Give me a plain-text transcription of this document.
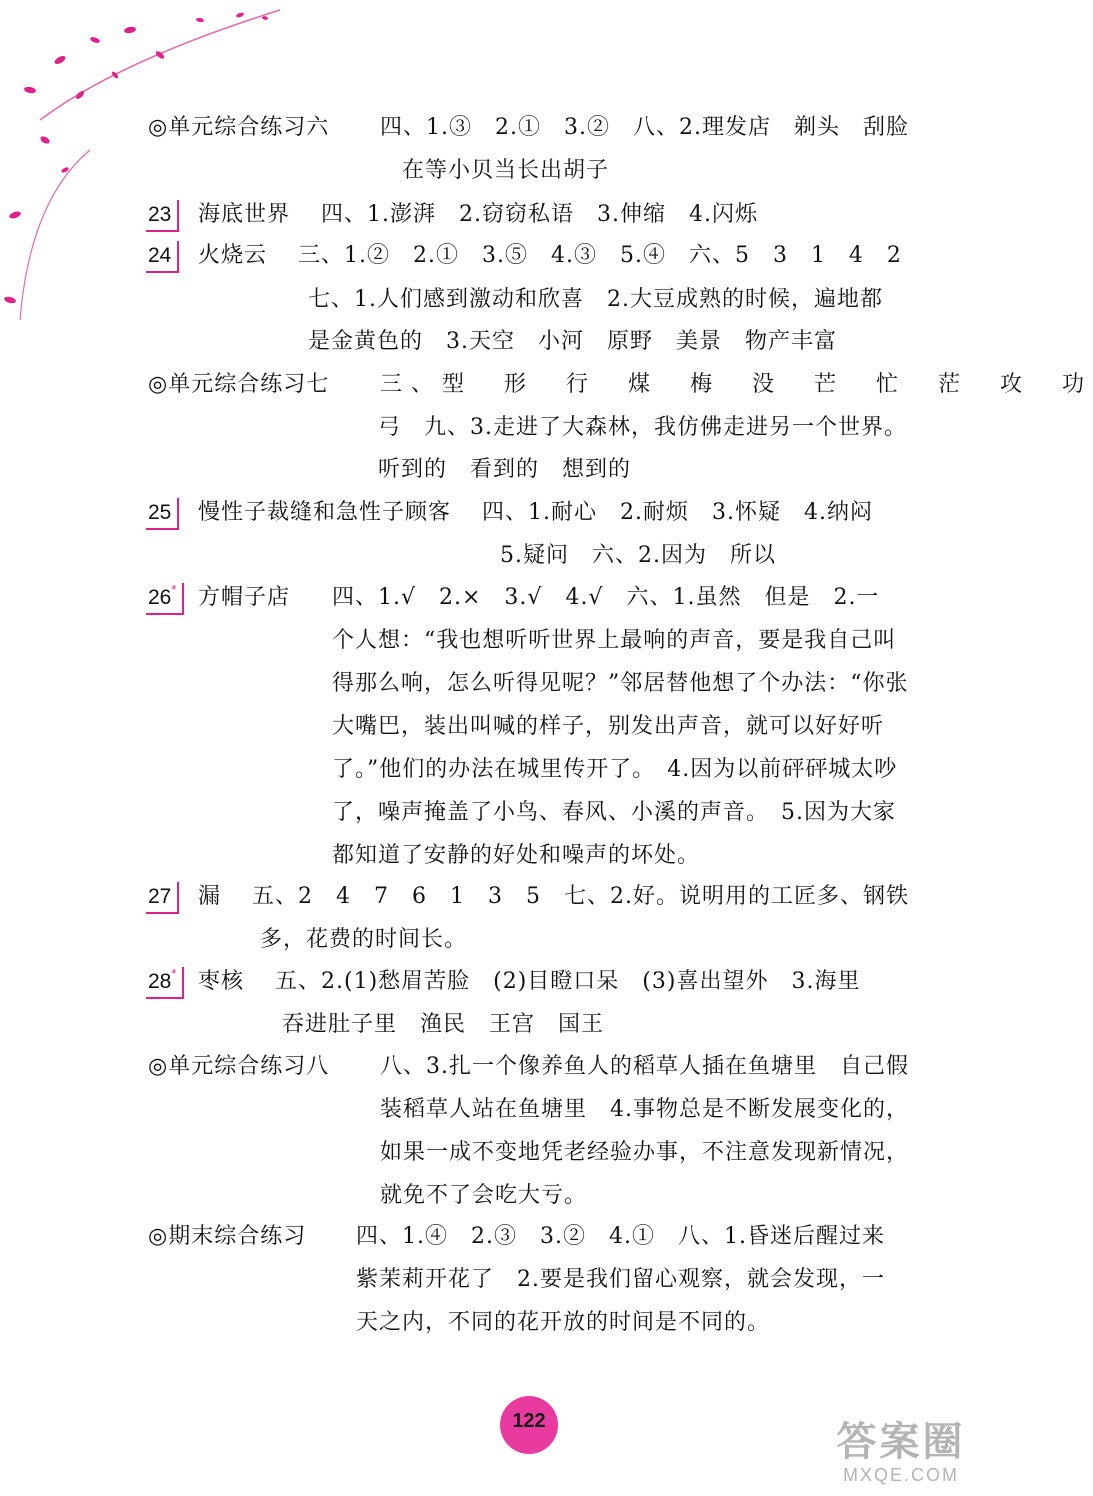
◎单元综合练习六 四、1.③　2.①　3.②　八、2.理发店　剃头　刮脸
在等小贝当长出胡子
23	海底世界　 四、1.澎湃　2.窃窃私语　3.伸缩　4.闪烁
24	火烧云　 三、1.②　2.①　3.⑤　4.③　5.④　六、5　3　1　4　2
七、1.人们感到激动和欣喜　2.大豆成熟的时候，遍地都
是金黄色的　3.天空　小河　原野　美景　物产丰富
◎单元综合练习七 三、型　形　行　煤　梅　没　芒　忙　茫　攻　功
弓　九、3.走进了大森林，我仿佛走进另一个世界。
听到的　看到的　想到的
25	慢性子裁缝和急性子顾客　 四、1.耐心　2.耐烦　3.怀疑　4.纳闷
5.疑问　六、2.因为　所以
26* 方帽子店 四、1.√　2.×　3.√　4.√　六、1.虽然　但是　2.一
个人想：“我也想听听世界上最响的声音，要是我自己叫
得那么响，怎么听得见呢？”邻居替他想了个办法：“你张
大嘴巴，装出叫喊的样子，别发出声音，就可以好好听
了。”他们的办法在城里传开了。　4.因为以前砰砰城太吵
了，噪声掩盖了小鸟、春风、小溪的声音。　5.因为大家
都知道了安静的好处和噪声的坏处。
27	漏　 五、2　4　7　6　1　3　5　七、2.好。说明用的工匠多、钢铁
多，花费的时间长。
28* 枣核　 五、2.(1)愁眉苦脸　(2)目瞪口呆　(3)喜出望外　3.海里
吞进肚子里　渔民　王宫　国王
◎单元综合练习八 八、3.扎一个像养鱼人的稻草人插在鱼塘里　自己假
装稻草人站在鱼塘里　4.事物总是不断发展变化的，
如果一成不变地凭老经验办事，不注意发现新情况，
就免不了会吃大亏。
◎期末综合练习 四、1.④　2.③　3.②　4.①　八、1.昏迷后醒过来
紫茉莉开花了　2.要是我们留心观察，就会发现，一
天之内，不同的花开放的时间是不同的。
122	答案圈
MXQE.COM
